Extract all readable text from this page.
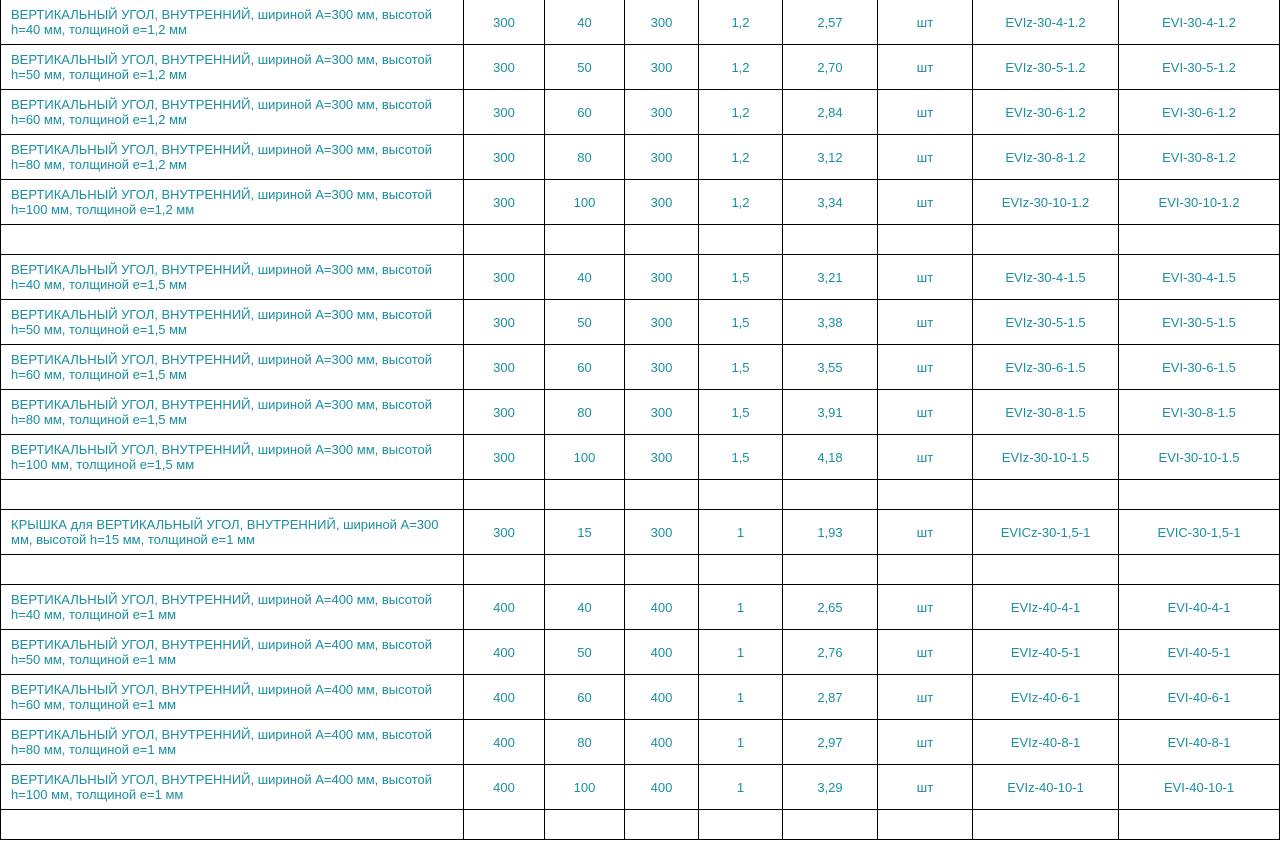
ВЕРТИКАЛЬНЫЙ УГОЛ, ВНУТРЕННИЙ, шириной А=300 мм, высотой h=40 мм, толщиной e=1,2 мм	300	40	300	1,2	2,57	шт	EVIz-30-4-1.2	EVI-30-4-1.2
ВЕРТИКАЛЬНЫЙ УГОЛ, ВНУТРЕННИЙ, шириной А=300 мм, высотой h=50 мм, толщиной e=1,2 мм	300	50	300	1,2	2,70	шт	EVIz-30-5-1.2	EVI-30-5-1.2
ВЕРТИКАЛЬНЫЙ УГОЛ, ВНУТРЕННИЙ, шириной А=300 мм, высотой h=60 мм, толщиной e=1,2 мм	300	60	300	1,2	2,84	шт	EVIz-30-6-1.2	EVI-30-6-1.2
ВЕРТИКАЛЬНЫЙ УГОЛ, ВНУТРЕННИЙ, шириной А=300 мм, высотой h=80 мм, толщиной e=1,2 мм	300	80	300	1,2	3,12	шт	EVIz-30-8-1.2	EVI-30-8-1.2
ВЕРТИКАЛЬНЫЙ УГОЛ, ВНУТРЕННИЙ, шириной А=300 мм, высотой h=100 мм, толщиной e=1,2 мм	300	100	300	1,2	3,34	шт	EVIz-30-10-1.2	EVI-30-10-1.2

ВЕРТИКАЛЬНЫЙ УГОЛ, ВНУТРЕННИЙ, шириной А=300 мм, высотой h=40 мм, толщиной e=1,5 мм	300	40	300	1,5	3,21	шт	EVIz-30-4-1.5	EVI-30-4-1.5
ВЕРТИКАЛЬНЫЙ УГОЛ, ВНУТРЕННИЙ, шириной А=300 мм, высотой h=50 мм, толщиной e=1,5 мм	300	50	300	1,5	3,38	шт	EVIz-30-5-1.5	EVI-30-5-1.5
ВЕРТИКАЛЬНЫЙ УГОЛ, ВНУТРЕННИЙ, шириной А=300 мм, высотой h=60 мм, толщиной e=1,5 мм	300	60	300	1,5	3,55	шт	EVIz-30-6-1.5	EVI-30-6-1.5
ВЕРТИКАЛЬНЫЙ УГОЛ, ВНУТРЕННИЙ, шириной А=300 мм, высотой h=80 мм, толщиной e=1,5 мм	300	80	300	1,5	3,91	шт	EVIz-30-8-1.5	EVI-30-8-1.5
ВЕРТИКАЛЬНЫЙ УГОЛ, ВНУТРЕННИЙ, шириной А=300 мм, высотой h=100 мм, толщиной e=1,5 мм	300	100	300	1,5	4,18	шт	EVIz-30-10-1.5	EVI-30-10-1.5

КРЫШКА для ВЕРТИКАЛЬНЫЙ УГОЛ, ВНУТРЕННИЙ, шириной А=300 мм, высотой h=15 мм, толщиной e=1 мм	300	15	300	1	1,93	шт	EVICz-30-1,5-1	EVIC-30-1,5-1

ВЕРТИКАЛЬНЫЙ УГОЛ, ВНУТРЕННИЙ, шириной А=400 мм, высотой h=40 мм, толщиной e=1 мм	400	40	400	1	2,65	шт	EVIz-40-4-1	EVI-40-4-1
ВЕРТИКАЛЬНЫЙ УГОЛ, ВНУТРЕННИЙ, шириной А=400 мм, высотой h=50 мм, толщиной e=1 мм	400	50	400	1	2,76	шт	EVIz-40-5-1	EVI-40-5-1
ВЕРТИКАЛЬНЫЙ УГОЛ, ВНУТРЕННИЙ, шириной А=400 мм, высотой h=60 мм, толщиной e=1 мм	400	60	400	1	2,87	шт	EVIz-40-6-1	EVI-40-6-1
ВЕРТИКАЛЬНЫЙ УГОЛ, ВНУТРЕННИЙ, шириной А=400 мм, высотой h=80 мм, толщиной e=1 мм	400	80	400	1	2,97	шт	EVIz-40-8-1	EVI-40-8-1
ВЕРТИКАЛЬНЫЙ УГОЛ, ВНУТРЕННИЙ, шириной А=400 мм, высотой h=100 мм, толщиной e=1 мм	400	100	400	1	3,29	шт	EVIz-40-10-1	EVI-40-10-1
